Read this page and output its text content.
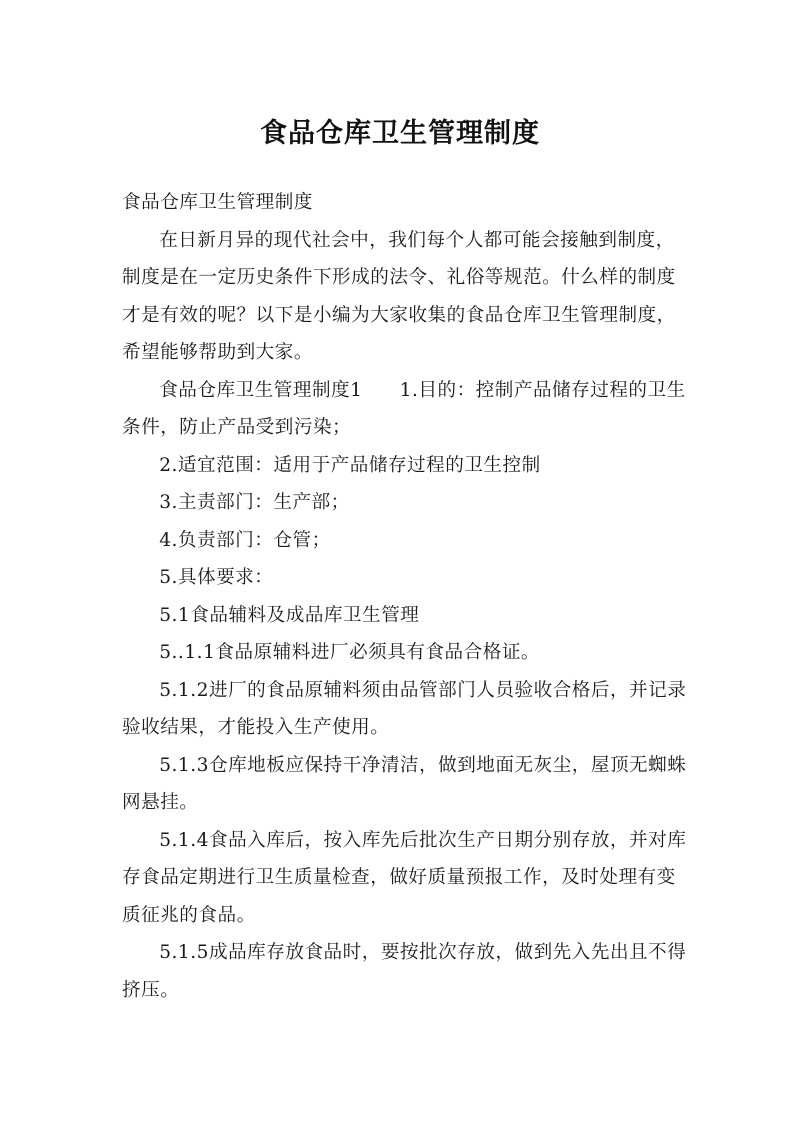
食品仓库卫生管理制度

食品仓库卫生管理制度

在日新月异的现代社会中，我们每个人都可能会接触到制度，制度是在一定历史条件下形成的法令、礼俗等规范。什么样的制度才是有效的呢？以下是小编为大家收集的食品仓库卫生管理制度，希望能够帮助到大家。

食品仓库卫生管理制度1 1.目的：控制产品储存过程的卫生条件，防止产品受到污染；

2.适宜范围：适用于产品储存过程的卫生控制

3.主责部门：生产部；

4.负责部门：仓管；

5.具体要求：

5.1食品辅料及成品库卫生管理

5..1.1食品原辅料进厂必须具有食品合格证。

5.1.2进厂的食品原辅料须由品管部门人员验收合格后，并记录验收结果，才能投入生产使用。

5.1.3仓库地板应保持干净清洁，做到地面无灰尘，屋顶无蜘蛛网悬挂。

5.1.4食品入库后，按入库先后批次生产日期分别存放，并对库存食品定期进行卫生质量检查，做好质量预报工作，及时处理有变质征兆的食品。

5.1.5成品库存放食品时，要按批次存放，做到先入先出且不得挤压。
